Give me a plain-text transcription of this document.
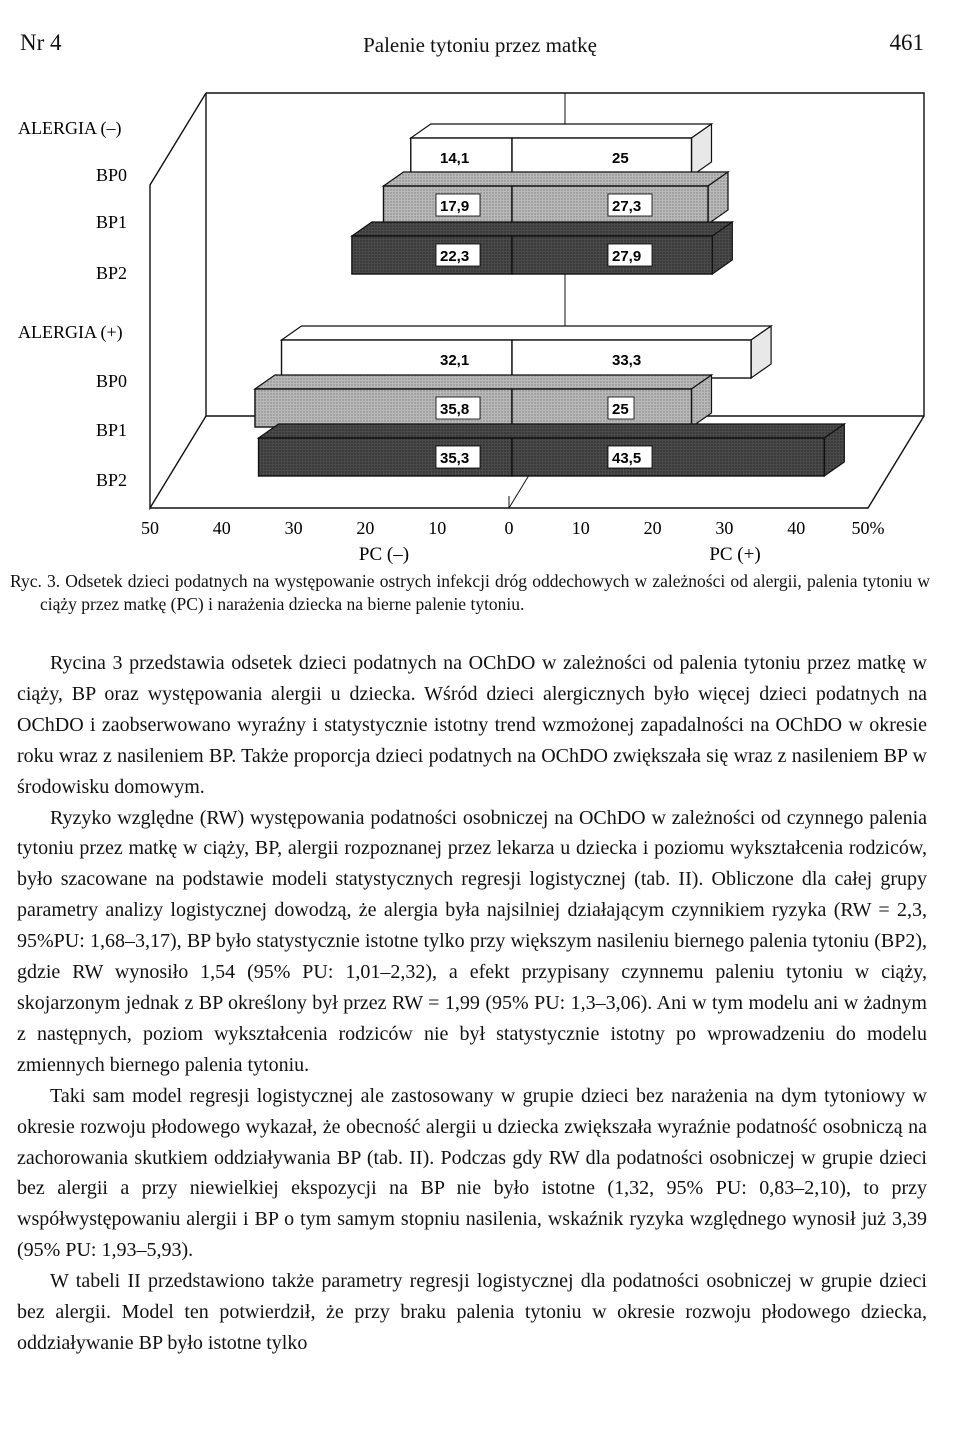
Nr 4	Palenie tytoniu przez matkę	461
14,1	25
17,9	27,3
22,3	27,9
32,1	33,3
35,8	25
35,3	43,5
ALERGIA (–)
BP0
BP1
BP2
ALERGIA (+)
BP0
BP1
BP2
50	40	30	20	10	0	10	20	30	40	50%
PC (–)	PC (+)
Ryc. 3. Odsetek dzieci podatnych na występowanie ostrych infekcji dróg oddechowych w zależności od alergii, palenia tytoniu w ciąży przez matkę (PC) i narażenia dziecka na bierne palenie tytoniu.

Rycina 3 przedstawia odsetek dzieci podatnych na OChDO w zależności od palenia tytoniu przez matkę w ciąży, BP oraz występowania alergii u dziecka. Wśród dzieci alergicznych było więcej dzieci podatnych na OChDO i zaobserwowano wyraźny i statystycznie istotny trend wzmożonej zapadalności na OChDO w okresie roku wraz z nasileniem BP. Także proporcja dzieci podatnych na OChDO zwiększała się wraz z nasileniem BP w środowisku domowym.

Ryzyko względne (RW) występowania podatności osobniczej na OChDO w zależności od czynnego palenia tytoniu przez matkę w ciąży, BP, alergii rozpoznanej przez lekarza u dziecka i poziomu wykształcenia rodziców, było szacowane na podstawie modeli statystycznych regresji logistycznej (tab. II). Obliczone dla całej grupy parametry analizy logistycznej dowodzą, że alergia była najsilniej działającym czynnikiem ryzyka (RW = 2,3, 95%PU: 1,68–3,17), BP było statystycznie istotne tylko przy większym nasileniu biernego palenia tytoniu (BP2), gdzie RW wynosiło 1,54 (95% PU: 1,01–2,32), a efekt przypisany czynnemu paleniu tytoniu w ciąży, skojarzonym jednak z BP określony był przez RW = 1,99 (95% PU: 1,3–3,06). Ani w tym modelu ani w żadnym z następnych, poziom wykształcenia rodziców nie był statystycznie istotny po wprowadzeniu do modelu zmiennych biernego palenia tytoniu.

Taki sam model regresji logistycznej ale zastosowany w grupie dzieci bez narażenia na dym tytoniowy w okresie rozwoju płodowego wykazał, że obecność alergii u dziecka zwiększała wyraźnie podatność osobniczą na zachorowania skutkiem oddziaływania BP (tab. II). Podczas gdy RW dla podatności osobniczej w grupie dzieci bez alergii a przy niewielkiej ekspozycji na BP nie było istotne (1,32, 95% PU: 0,83–2,10), to przy współwystępowaniu alergii i BP o tym samym stopniu nasilenia, wskaźnik ryzyka względnego wynosił już 3,39 (95% PU: 1,93–5,93).

W tabeli II przedstawiono także parametry regresji logistycznej dla podatności osobniczej w grupie dzieci bez alergii. Model ten potwierdził, że przy braku palenia tytoniu w okresie rozwoju płodowego dziecka, oddziaływanie BP było istotne tylko
